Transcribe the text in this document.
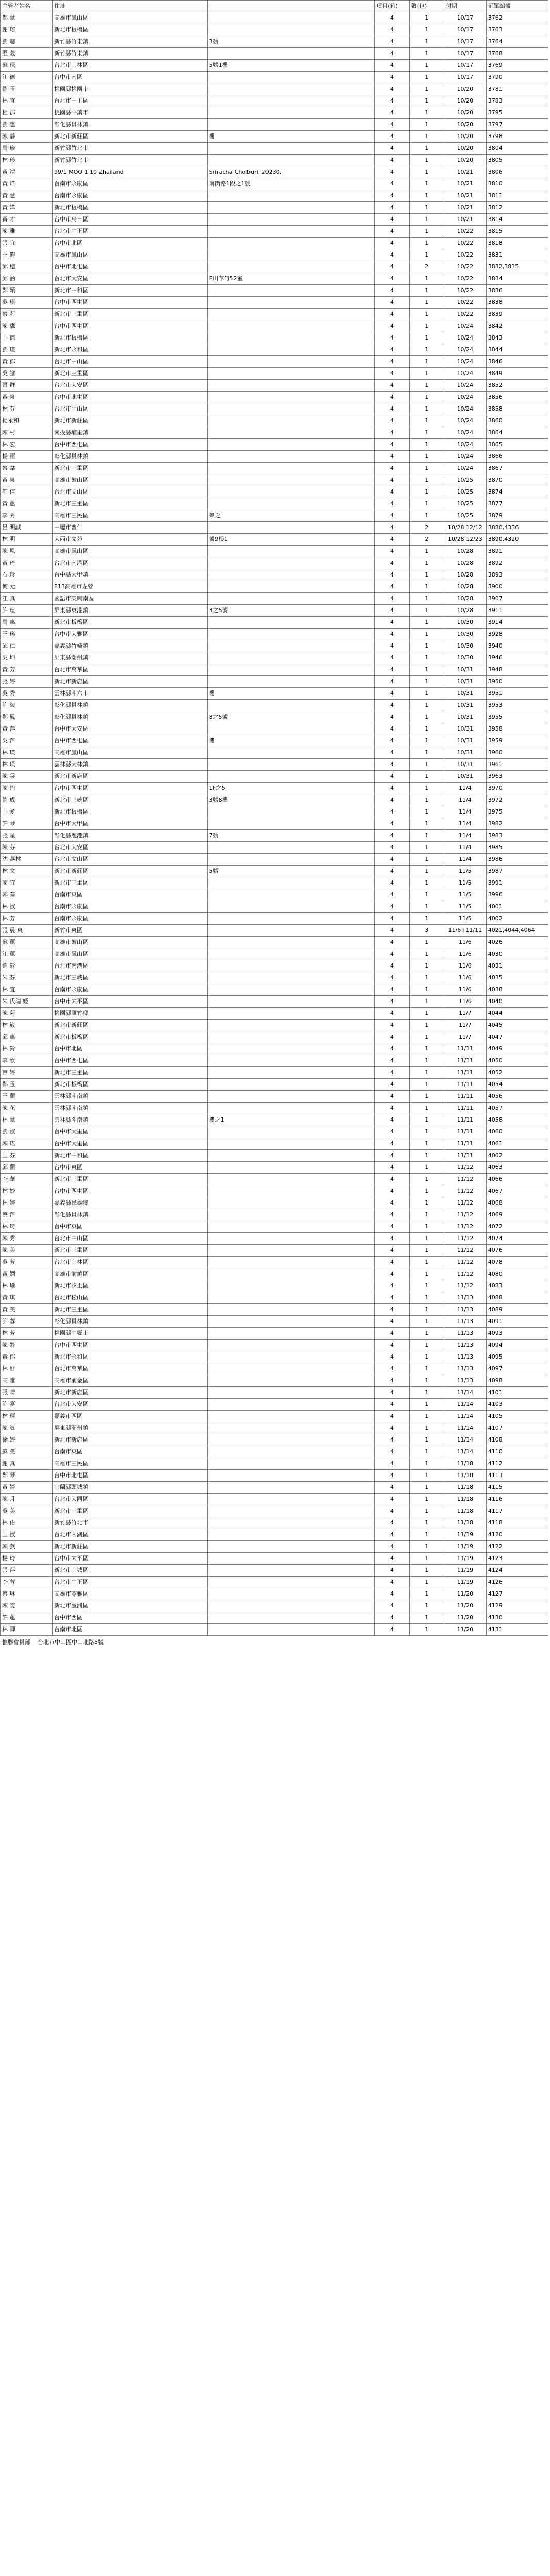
主管者姓名	住址		項目(箱)	數(包)	付期	訂單編號
鄭 慧	高雄市鳳山區		4	1	10/17	3762
謝 瑢	新北市板橋區		4	1	10/17	3763
劉 聰	新竹縣竹東鎮	3號	4	1	10/17	3764
溫 義	新竹縣竹東鎮		4	1	10/17	3768
蘇 璟	台北市士林區	5號1樓	4	1	10/17	3769
江 德	台中市南區		4	1	10/17	3790
劉 玉	桃園縣桃園市		4	1	10/20	3781
林 宜	台北市中正區		4	1	10/20	3783
杜 郡	桃園縣平鎮市		4	1	10/20	3795
劉 惠	彰化縣員林鎮		4	1	10/20	3797
陳 靜	新北市新莊區	樓	4	1	10/20	3798
周 瑜	新竹縣竹北市		4	1	10/20	3804
林 珍	新竹縣竹北市		4	1	10/20	3805
黃 靖	99/1 MOO 1 10 Zhailand	Sriracha Cholburi, 20230,	4	1	10/21	3806
黃 燁	台南市永康區	南街路1段之1號	4	1	10/21	3810
黃 慧	台南市永康區		4	1	10/21	3811
黃 嬅	新北市板橋區		4	1	10/21	3812
黃 才	台中市烏日區		4	1	10/21	3814
陳 雅	台北市中正區		4	1	10/22	3815
張 宜	台中市北區		4	1	10/22	3818
王 鈞	高雄市鳳山區		4	1	10/22	3831
邱 穗	台中市北屯區		4	2	10/22	3832,3835
邱 涵	台北市大安區	E川華勻52室	4	1	10/22	3834
鄭 穎	新北市中和區		4	1	10/22	3836
吳 琪	台中市西屯區		4	1	10/22	3838
蔡 莉	新北市三重區		4	1	10/22	3839
陳 鷹	台中市西屯區		4	1	10/24	3842
王 德	新北市板橋區		4	1	10/24	3843
劉 瑾	新北市永和區		4	1	10/24	3844
黃 郁	台北市中山區		4	1	10/24	3846
吳 諭	新北市三重區		4	1	10/24	3849
蕭 群	台北市大安區		4	1	10/24	3852
黃 泉	台中市北屯區		4	1	10/24	3856
林 芬	台北市中山區		4	1	10/24	3858
楊永和	新北市新莊區		4	1	10/24	3860
陳 村	南投縣埔里鎮		4	1	10/24	3864
林 宏	台中市西屯區		4	1	10/24	3865
楊 雨	彰化縣員林鎮		4	1	10/24	3866
蔡 韋	新北市三重區		4	1	10/24	3867
黃 泉	高雄市鼓山區		4	1	10/25	3870
許 信	台北市文山區		4	1	10/25	3874
黃 蕙	新北市三重區		4	1	10/25	3877
李 秀	高雄市三民區	聲之	4	1	10/25	3879
呂 明誠	中壢市普仁		4	2	10/28 12/12	3880,4336
林 明	大西市文苑	號9樓1	4	2	10/28 12/23	3890,4320
陳 凰	高雄市鳳山區		4	1	10/28	3891
黃 琦	台北市南港區		4	1	10/28	3892
石 珍	台中縣大甲鎮		4	1	10/28	3893
何 元	813高雄市左營		4	1	10/28	3900
江 真	國語市榮興南區		4	1	10/28	3907
許 瑄	屏東縣東港鎮	3之5號	4	1	10/28	3911
周 惠	新北市板橋區		4	1	10/30	3914
王 瑤	台中市大雅區		4	1	10/30	3928
邱 仁	嘉義縣竹崎鎮		4	1	10/30	3940
吳 坤	屏東縣潮州鎮		4	1	10/30	3946
黃 芳	台北市萬華區		4	1	10/31	3948
張 婷	新北市新店區		4	1	10/31	3950
吳 秀	雲林縣斗六市	樓	4	1	10/31	3951
許 綾	彰化縣員林鎮		4	1	10/31	3953
鄭 鳳	彰化縣員林鎮	8之5號	4	1	10/31	3955
黃 萍	台中市大安區		4	1	10/31	3958
吳 萍	台中市西屯區	樓	4	1	10/31	3959
林 瑛	高雄市鳳山區		4	1	10/31	3960
林 瑛	雲林縣大林鎮		4	1	10/31	3961
陳 棠	新北市新店區		4	1	10/31	3963
陳 怡	台中市西屯區	1F之5	4	1	11/4	3970
劉 成	新北市三峽區	3號8樓	4	1	11/4	3972
王 愛	新北市板橋區		4	1	11/4	3975
許 琴	台中市大甲區		4	1	11/4	3982
張 星	彰化縣鹿港鎮	7號	4	1	11/4	3983
陳 芬	台北市大安區		4	1	11/4	3985
沈 燕林	台北市文山區		4	1	11/4	3986
林 文	新北市新莊區	5號	4	1	11/5	3987
陳 宜	新北市三重區		4	1	11/5	3991
郭 蓁	台南市東區		4	1	11/5	3996
林 淑	台南市永康區		4	1	11/5	4001
林 芳	台南市永康區		4	1	11/5	4002
張 晨 東	新竹市東區		4	3	11/6+11/11	4021,4044,4064
蘇 蕙	高雄市鼓山區		4	1	11/6	4026
江 蕙	高雄市鳳山區		4	1	11/6	4030
劉 鈴	台北市南港區		4	1	11/6	4031
朱 芬	新北市三峽區		4	1	11/6	4035
林 宜	台南市永康區		4	1	11/6	4038
朱 氏瑞 姬	台中市太平區		4	1	11/6	4040
陳 菊	桃園縣蘆竹鄉		4	1	11/7	4044
林 崴	新北市新莊區		4	1	11/7	4045
邱 惠	新北市板橋區		4	1	11/7	4047
林 鈴	台中市北區		4	1	11/11	4049
李 欣	台中市西屯區		4	1	11/11	4050
蔡 婷	新北市三重區		4	1	11/11	4052
鄭 玉	新北市板橋區		4	1	11/11	4054
王 蘭	雲林縣斗南鎮		4	1	11/11	4056
陳 花	雲林縣斗南鎮		4	1	11/11	4057
林 慧	雲林縣斗南鎮	樓之1	4	1	11/11	4058
劉 淑	台中市大里區		4	1	11/11	4060
陳 瑤	台中市大里區		4	1	11/11	4061
王 芬	新北市中和區		4	1	11/11	4062
邱 蘭	台中市東區		4	1	11/12	4063
李 華	新北市三重區		4	1	11/12	4066
林 妙	台中市西屯區		4	1	11/12	4067
林 婷	嘉義縣民雄鄉		4	1	11/12	4068
蔡 萍	彰化縣員林鎮		4	1	11/12	4069
林 琦	台中市東區		4	1	11/12	4072
陳 秀	台北市中山區		4	1	11/12	4074
陳 美	新北市三重區		4	1	11/12	4076
吳 芳	台北市士林區		4	1	11/12	4078
黃 嫻	高雄市前鎮區		4	1	11/12	4080
林 瑜	新北市汐止區		4	1	11/12	4083
黃 琪	台北市松山區		4	1	11/13	4088
黃 美	新北市三重區		4	1	11/13	4089
許 蓉	彰化縣員林鎮		4	1	11/13	4091
林 芳	桃園縣中壢市		4	1	11/13	4093
陳 鈴	台中市西屯區		4	1	11/13	4094
黃 郁	新北市永和區		4	1	11/13	4095
林 妤	台北市萬華區		4	1	11/13	4097
高 雅	高雄市前金區		4	1	11/13	4098
張 晴	新北市新店區		4	1	11/14	4101
許 嘉	台北市大安區		4	1	11/14	4103
林 輝	嘉義市西區		4	1	11/14	4105
陳 紋	屏東縣潮州鎮		4	1	11/14	4107
徐 婷	新北市新店區		4	1	11/14	4108
蘇 美	台南市東區		4	1	11/14	4110
謝 真	高雄市三民區		4	1	11/18	4112
鄭 琴	台中市北屯區		4	1	11/18	4113
黃 婷	宜蘭縣頭城鎮		4	1	11/18	4115
陳 月	台北市大同區		4	1	11/18	4116
吳 美	新北市三重區		4	1	11/18	4117
林 佑	新竹縣竹北市		4	1	11/18	4118
王 淑	台北市內湖區		4	1	11/19	4120
陳 燕	新北市新莊區		4	1	11/19	4122
楊 玲	台中市太平區		4	1	11/19	4123
張 萍	新北市土城區		4	1	11/19	4124
李 蓉	台北市中正區		4	1	11/19	4126
蔡 琳	高雄市苓雅區		4	1	11/20	4127
陳 雯	新北市蘆洲區		4	1	11/20	4129
許 蓮	台中市西區		4	1	11/20	4130
林 卿	台南市北區		4	1	11/20	4131
惟聯會員部 台北市中山區中山北路5號
